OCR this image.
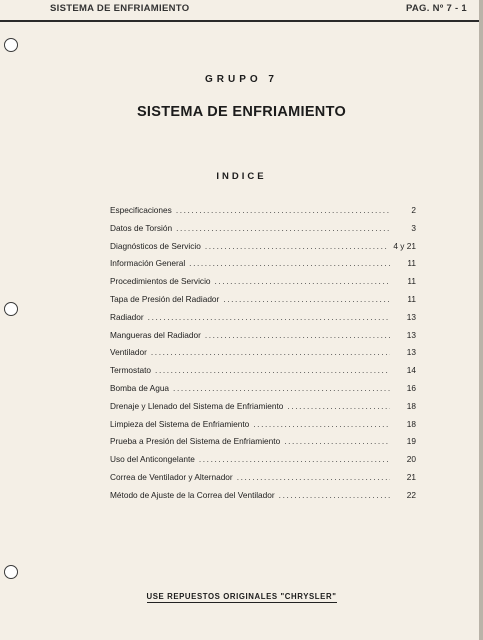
SISTEMA DE ENFRIAMIENTO	PAG. Nº 7 - 1
GRUPO 7
SISTEMA DE ENFRIAMIENTO
INDICE
Especificaciones .....	2
Datos de Torsión .....	3
Diagnósticos de Servicio .....	4 y 21
Información General .....	11
Procedimientos de Servicio .....	11
Tapa de Presión del Radiador .....	11
Radiador .....	13
Mangueras del Radiador .....	13
Ventilador .....	13
Termostato .....	14
Bomba de Agua .....	16
Drenaje y Llenado del Sistema de Enfriamiento .....	18
Limpieza del Sistema de Enfriamiento .....	18
Prueba a Presión del Sistema de Enfriamiento .....	19
Uso del Anticongelante .....	20
Correa de Ventilador y Alternador .....	21
Método de Ajuste de la Correa del Ventilador .....	22
USE REPUESTOS ORIGINALES "CHRYSLER"
